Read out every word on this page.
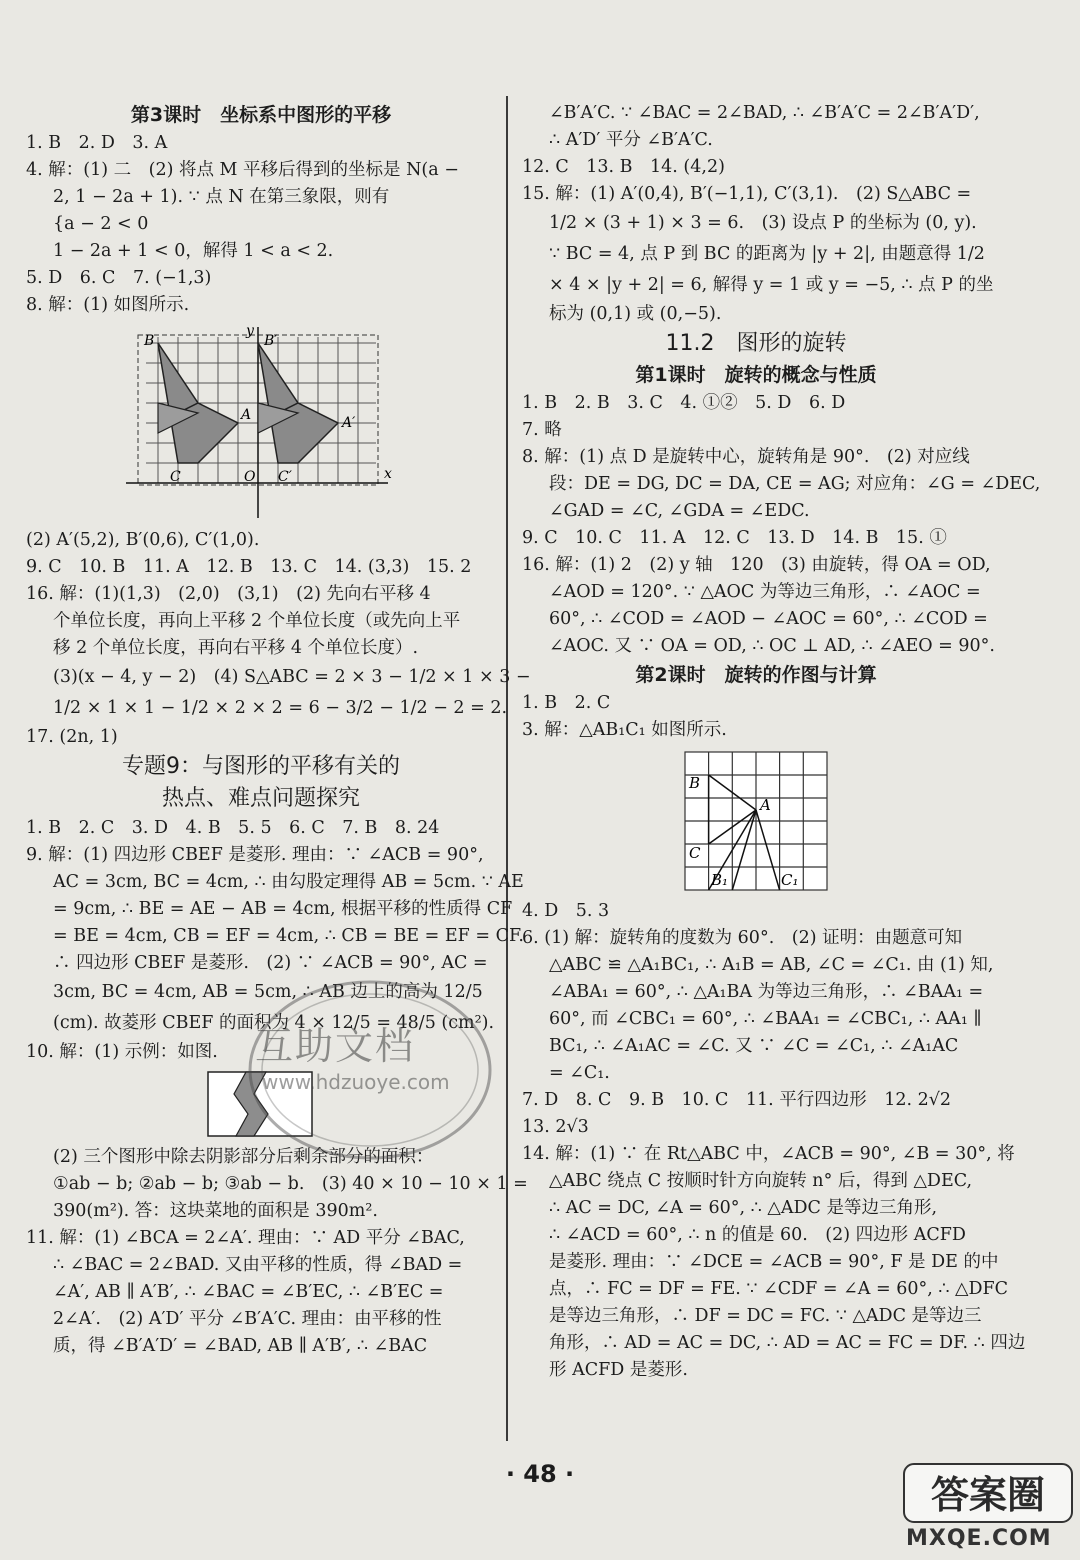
第3课时　坐标系中图形的平移
1. B　2. D　3. A
4. 解：(1) 二　(2) 将点 M 平移后得到的坐标是 N(a −
2, 1 − 2a + 1). ∵ 点 N 在第三象限，则有
{a − 2 < 0
1 − 2a + 1 < 0，解得 1 < a < 2.
5. D　6. C　7. (−1,3)
8. 解：(1) 如图所示.
B	B′
A	A′
C	C′
O	x
y
(2) A′(5,2), B′(0,6), C′(1,0).
9. C　10. B　11. A　12. B　13. C　14. (3,3)　15. 2
16. 解：(1)(1,3)　(2,0)　(3,1)　(2) 先向右平移 4
个单位长度，再向上平移 2 个单位长度（或先向上平
移 2 个单位长度，再向右平移 4 个单位长度）.
(3)(x − 4, y − 2)　(4) S△ABC = 2 × 3 − 1/2 × 1 × 3 −
1/2 × 1 × 1 − 1/2 × 2 × 2 = 6 − 3/2 − 1/2 − 2 = 2.
17. (2n, 1)
专题9：与图形的平移有关的
热点、难点问题探究
1. B　2. C　3. D　4. B　5. 5　6. C　7. B　8. 24
9. 解：(1) 四边形 CBEF 是菱形. 理由：∵ ∠ACB = 90°,
AC = 3cm, BC = 4cm, ∴ 由勾股定理得 AB = 5cm. ∵ AE
= 9cm, ∴ BE = AE − AB = 4cm, 根据平移的性质得 CF
= BE = 4cm, CB = EF = 4cm, ∴ CB = BE = EF = CF.
∴ 四边形 CBEF 是菱形.　(2) ∵ ∠ACB = 90°, AC =
3cm, BC = 4cm, AB = 5cm, ∴ AB 边上的高为 12/5
(cm). 故菱形 CBEF 的面积为 4 × 12/5 = 48/5 (cm²).
10. 解：(1) 示例：如图.
(2) 三个图形中除去阴影部分后剩余部分的面积：
①ab − b; ②ab − b; ③ab − b.　(3) 40 × 10 − 10 × 1 =
390(m²). 答：这块菜地的面积是 390m².
11. 解：(1) ∠BCA = 2∠A′. 理由：∵ AD 平分 ∠BAC,
∴ ∠BAC = 2∠BAD. 又由平移的性质，得 ∠BAD =
∠A′, AB ∥ A′B′, ∴ ∠BAC = ∠B′EC, ∴ ∠B′EC =
2∠A′.　(2) A′D′ 平分 ∠B′A′C. 理由：由平移的性
质，得 ∠B′A′D′ = ∠BAD, AB ∥ A′B′, ∴ ∠BAC
∠B′A′C. ∵ ∠BAC = 2∠BAD, ∴ ∠B′A′C = 2∠B′A′D′,
∴ A′D′ 平分 ∠B′A′C.
12. C　13. B　14. (4,2)
15. 解：(1) A′(0,4), B′(−1,1), C′(3,1).　(2) S△ABC =
1/2 × (3 + 1) × 3 = 6.　(3) 设点 P 的坐标为 (0, y).
∵ BC = 4, 点 P 到 BC 的距离为 |y + 2|, 由题意得 1/2
× 4 × |y + 2| = 6, 解得 y = 1 或 y = −5, ∴ 点 P 的坐
标为 (0,1) 或 (0,−5).
11.2　图形的旋转
第1课时　旋转的概念与性质
1. B　2. B　3. C　4. ①②　5. D　6. D
7. 略
8. 解：(1) 点 D 是旋转中心，旋转角是 90°.　(2) 对应线
段：DE = DG, DC = DA, CE = AG; 对应角：∠G = ∠DEC,
∠GAD = ∠C, ∠GDA = ∠EDC.
9. C　10. C　11. A　12. C　13. D　14. B　15. ①
16. 解：(1) 2　(2) y 轴　120　(3) 由旋转，得 OA = OD,
∠AOD = 120°. ∵ △AOC 为等边三角形，∴ ∠AOC =
60°, ∴ ∠COD = ∠AOD − ∠AOC = 60°, ∴ ∠COD =
∠AOC. 又 ∵ OA = OD, ∴ OC ⊥ AD, ∴ ∠AEO = 90°.
第2课时　旋转的作图与计算
1. B　2. C
3. 解：△AB₁C₁ 如图所示.
B
A
C
B₁	C₁
4. D　5. 3
6. (1) 解：旋转角的度数为 60°.　(2) 证明：由题意可知
△ABC ≌ △A₁BC₁, ∴ A₁B = AB, ∠C = ∠C₁. 由 (1) 知,
∠ABA₁ = 60°, ∴ △A₁BA 为等边三角形，∴ ∠BAA₁ =
60°, 而 ∠CBC₁ = 60°, ∴ ∠BAA₁ = ∠CBC₁, ∴ AA₁ ∥
BC₁, ∴ ∠A₁AC = ∠C. 又 ∵ ∠C = ∠C₁, ∴ ∠A₁AC
= ∠C₁.
7. D　8. C　9. B　10. C　11. 平行四边形　12. 2√2
13. 2√3
14. 解：(1) ∵ 在 Rt△ABC 中，∠ACB = 90°, ∠B = 30°, 将
△ABC 绕点 C 按顺时针方向旋转 n° 后，得到 △DEC,
∴ AC = DC, ∠A = 60°, ∴ △ADC 是等边三角形,
∴ ∠ACD = 60°, ∴ n 的值是 60.　(2) 四边形 ACFD
是菱形. 理由：∵ ∠DCE = ∠ACB = 90°, F 是 DE 的中
点，∴ FC = DF = FE. ∵ ∠CDF = ∠A = 60°, ∴ △DFC
是等边三角形，∴ DF = DC = FC. ∵ △ADC 是等边三
角形，∴ AD = AC = DC, ∴ AD = AC = FC = DF. ∴ 四边
形 ACFD 是菱形.
· 48 ·
互助文档
www.hdzuoye.com
答案圈
MXQE.COM
